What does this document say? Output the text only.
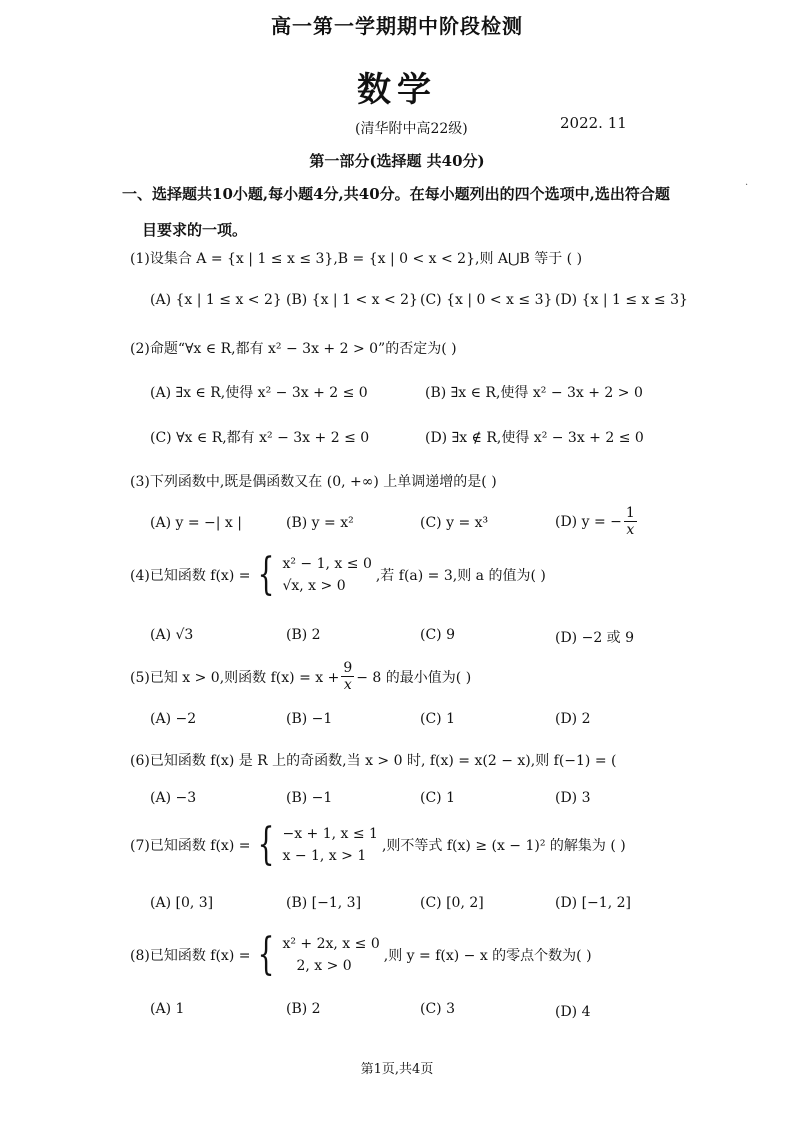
高一第一学期期中阶段检测
数学
(清华附中高22级)	2022. 11
第一部分(选择题 共40分)
一、选择题共10小题,每小题4分,共40分。在每小题列出的四个选项中,选出符合题
目要求的一项。
(1)设集合 A = {x | 1 ≤ x ≤ 3},B = {x | 0 < x < 2},则 A⋃B 等于 ( )
(A) {x | 1 ≤ x < 2} (B) {x | 1 < x < 2} (C) {x | 0 < x ≤ 3} (D) {x | 1 ≤ x ≤ 3}
(2)命题“∀x ∈ R,都有 x² − 3x + 2 > 0”的否定为( )
(A) ∃x ∈ R,使得 x² − 3x + 2 ≤ 0	(B) ∃x ∈ R,使得 x² − 3x + 2 > 0
(C) ∀x ∈ R,都有 x² − 3x + 2 ≤ 0	(D) ∃x ∉ R,使得 x² − 3x + 2 ≤ 0
(3)下列函数中,既是偶函数又在 (0, +∞) 上单调递增的是( )
(A) y = −| x |	(B) y = x²	(C) y = x³	(D) y = − $\frac{1}{x}$
(4)已知函数 f(x) = { x² − 1, x ≤ 0
√x, x > 0
,若 f(a) = 3,则 a 的值为( )
(A) √3	(B) 2	(C) 9	(D) −2 或 9
(5)已知 x > 0,则函数 $f(x) = x + \frac{9}{x} - 8$ 的最小值为( )
(A) −2	(B) −1	(C) 1	(D) 2
(6)已知函数 f(x) 是 R 上的奇函数,当 x > 0 时, f(x) = x(2 − x),则 f(−1) = (
(A) −3	(B) −1	(C) 1	(D) 3
(7)已知函数 f(x) = { −x + 1, x ≤ 1
x − 1, x > 1
,则不等式 f(x) ≥ (x − 1)² 的解集为 ( )
(A) [0, 3]	(B) [−1, 3]	(C) [0, 2]	(D) [−1, 2]
(8)已知函数 f(x) = { x² + 2x, x ≤ 0
2, x > 0
,则 y = f(x) − x 的零点个数为( )
(A) 1	(B) 2	(C) 3	(D) 4
第1页,共4页
·
